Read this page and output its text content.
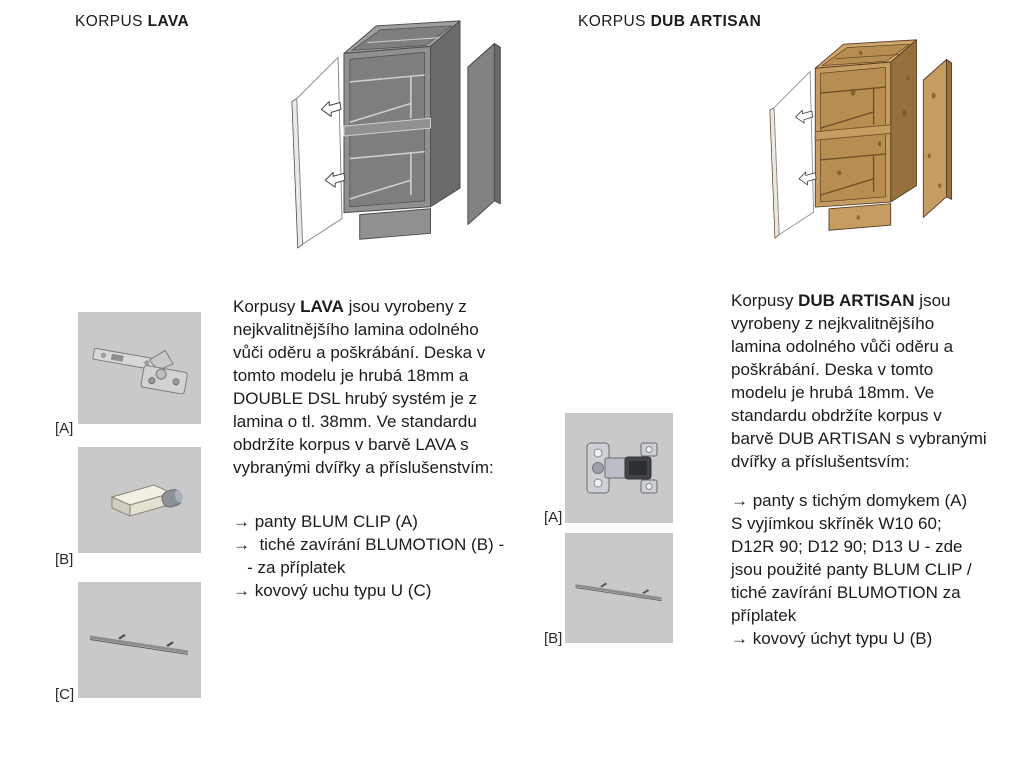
KORPUS LAVA
[A]
[B]
[C]
Korpusy LAVA jsou vyrobeny z
nejkvalitnějšího lamina odolného
vůči oděru a poškrábání. Deska v
tomto modelu je hrubá 18mm a
DOUBLE DSL hrubý systém je z
lamina o tl. 38mm. Ve standardu
obdržíte korpus v barvě LAVA s
vybranými dvířky a příslušenstvím:
→ panty BLUM CLIP (A)
→  tiché zavírání BLUMOTION (B) -
- za příplatek
→ kovový uchu typu U (C)
KORPUS DUB ARTISAN
[A]
[B]
Korpusy DUB ARTISAN jsou
vyrobeny z nejkvalitnějšího
lamina odolného vůči oděru a
poškrábání. Deska v tomto
modelu je hrubá 18mm. Ve
standardu obdržíte korpus v
barvě DUB ARTISAN s vybranými
dvířky a příslušentsvím:
→ panty s tichým domykem (A)
S vyjímkou skříněk W10 60;
D12R 90; D12 90; D13 U - zde
jsou použité panty BLUM CLIP /
tiché zavírání BLUMOTION za
příplatek
→ kovový úchyt typu U (B)
